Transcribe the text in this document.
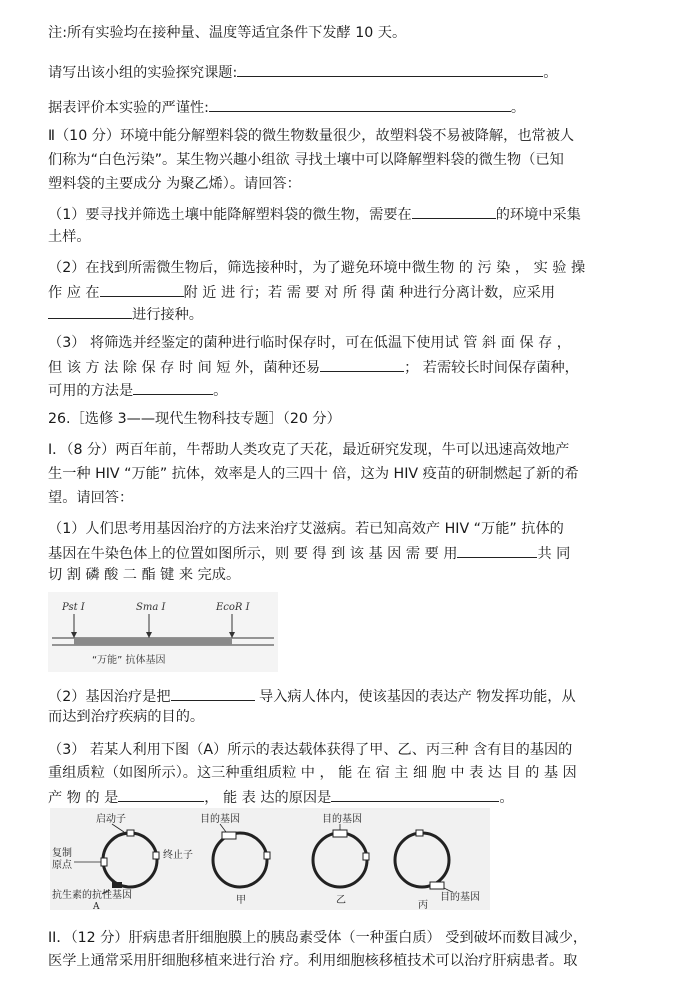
注:所有实验均在接种量、温度等适宜条件下发酵 10 天。
请写出该小组的实验探究课题:	。
据表评价本实验的严谨性:	。
Ⅱ（10 分）环境中能分解塑料袋的微生物数量很少，故塑料袋不易被降解，也常被人
们称为“白色污染”。某生物兴趣小组欲 寻找土壤中可以降解塑料袋的微生物（已知
塑料袋的主要成分 为聚乙烯）。请回答：
（1）要寻找并筛选土壤中能降解塑料袋的微生物，需要在	的环境中采集
土样。
（2）在找到所需微生物后，筛选接种时，为了避免环境中微生物 的 污 染 ， 实 验 操
作 应 在	附 近 进 行；若 需 要 对 所 得 菌 种进行分离计数，应采用
进行接种。
（3） 将筛选并经鉴定的菌种进行临时保存时，可在低温下使用试 管 斜 面 保 存 ，
但 该 方 法 除 保 存 时 间 短 外，菌种还易	； 若需较长时间保存菌种，
可用的方法是	。
26.［选修 3——现代生物科技专题］（20 分）
I．（8 分）两百年前，牛帮助人类攻克了天花，最近研究发现，牛可以迅速高效地产
生一种 HIV “万能” 抗体，效率是人的三四十 倍，这为 HIV 疫苗的研制燃起了新的希
望。请回答：
（1）人们思考用基因治疗的方法来治疗艾滋病。若已知高效产 HIV “万能” 抗体的
基因在牛染色体上的位置如图所示，则 要 得 到 该 基 因 需 要 用	共 同
切 割 磷 酸 二 酯 键 来 完成。
Pst Ⅰ	Sma Ⅰ	EcoR Ⅰ
“万能” 抗体基因
（2）基因治疗是把	导入病人体内，使该基因的表达产 物发挥功能，从
而达到治疗疾病的目的。
（3） 若某人利用下图（A）所示的表达载体获得了甲、乙、丙三种 含有目的基因的
重组质粒（如图所示）。这三种重组质粒 中 ， 能 在 宿 主 细 胞 中 表 达 目 的 基 因
产 物 的 是	， 能 表 达的原因是	。
启动子
终止子
复制
原点
抗生素的抗性基因
A
目的基因
甲
目的基因
乙	目的基因
丙
II．（12 分）肝病患者肝细胞膜上的胰岛素受体（一种蛋白质） 受到破坏而数目减少，
医学上通常采用肝细胞移植来进行治 疗。利用细胞核移植技术可以治疗肝病患者。取
